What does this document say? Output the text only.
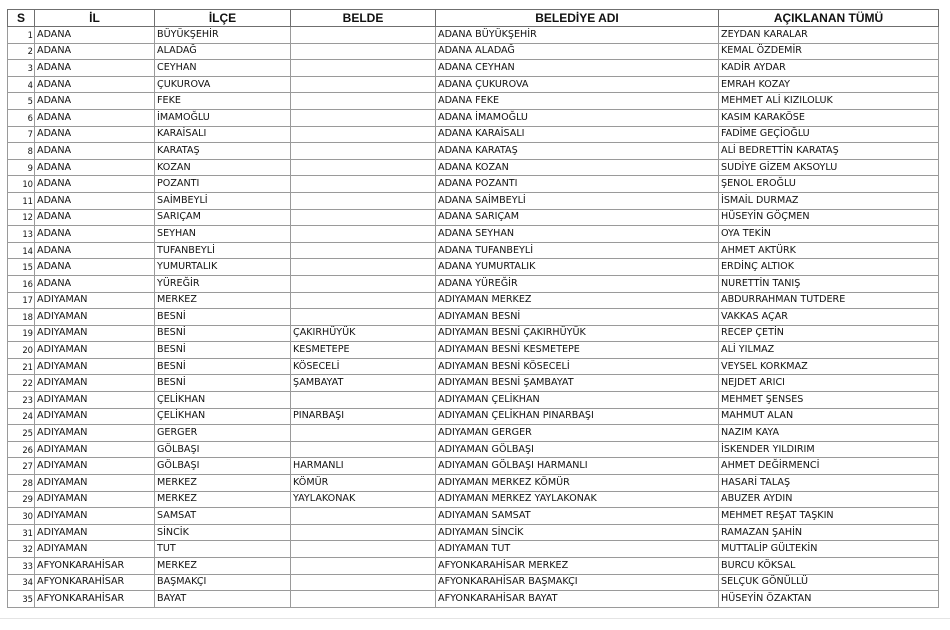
S	İL	İLÇE	BELDE	BELEDİYE ADI	AÇIKLANAN TÜMÜ
1	ADANA	BÜYÜKŞEHİR		ADANA BÜYÜKŞEHİR	ZEYDAN KARALAR
2	ADANA	ALADAĞ		ADANA ALADAĞ	KEMAL ÖZDEMİR
3	ADANA	CEYHAN		ADANA CEYHAN	KADİR AYDAR
4	ADANA	ÇUKUROVA		ADANA ÇUKUROVA	EMRAH KOZAY
5	ADANA	FEKE		ADANA FEKE	MEHMET ALİ KIZILOLUK
6	ADANA	İMAMOĞLU		ADANA İMAMOĞLU	KASIM KARAKÖSE
7	ADANA	KARAİSALI		ADANA KARAİSALI	FADİME GEÇİOĞLU
8	ADANA	KARATAŞ		ADANA KARATAŞ	ALİ BEDRETTİN KARATAŞ
9	ADANA	KOZAN		ADANA KOZAN	SUDİYE GİZEM AKSOYLU
10	ADANA	POZANTI		ADANA POZANTI	ŞENOL EROĞLU
11	ADANA	SAİMBEYLİ		ADANA SAİMBEYLİ	İSMAİL DURMAZ
12	ADANA	SARIÇAM		ADANA SARIÇAM	HÜSEYİN GÖÇMEN
13	ADANA	SEYHAN		ADANA SEYHAN	OYA TEKİN
14	ADANA	TUFANBEYLİ		ADANA TUFANBEYLİ	AHMET AKTÜRK
15	ADANA	YUMURTALIK		ADANA YUMURTALIK	ERDİNÇ ALTIOK
16	ADANA	YÜREĞİR		ADANA YÜREĞİR	NURETTİN TANIŞ
17	ADIYAMAN	MERKEZ		ADIYAMAN MERKEZ	ABDURRAHMAN TUTDERE
18	ADIYAMAN	BESNİ		ADIYAMAN BESNİ	VAKKAS AÇAR
19	ADIYAMAN	BESNİ	ÇAKIRHÜYÜK	ADIYAMAN BESNİ ÇAKIRHÜYÜK	RECEP ÇETİN
20	ADIYAMAN	BESNİ	KESMETEPE	ADIYAMAN BESNİ KESMETEPE	ALİ YILMAZ
21	ADIYAMAN	BESNİ	KÖSECELİ	ADIYAMAN BESNİ KÖSECELİ	VEYSEL KORKMAZ
22	ADIYAMAN	BESNİ	ŞAMBAYAT	ADIYAMAN BESNİ ŞAMBAYAT	NEJDET ARICI
23	ADIYAMAN	ÇELİKHAN		ADIYAMAN ÇELİKHAN	MEHMET ŞENSES
24	ADIYAMAN	ÇELİKHAN	PINARBAŞI	ADIYAMAN ÇELİKHAN PINARBAŞI	MAHMUT ALAN
25	ADIYAMAN	GERGER		ADIYAMAN GERGER	NAZIM KAYA
26	ADIYAMAN	GÖLBAŞI		ADIYAMAN GÖLBAŞI	İSKENDER YILDIRIM
27	ADIYAMAN	GÖLBAŞI	HARMANLI	ADIYAMAN GÖLBAŞI HARMANLI	AHMET DEĞİRMENCİ
28	ADIYAMAN	MERKEZ	KÖMÜR	ADIYAMAN MERKEZ KÖMÜR	HASARİ TALAŞ
29	ADIYAMAN	MERKEZ	YAYLAKONAK	ADIYAMAN MERKEZ YAYLAKONAK	ABUZER AYDIN
30	ADIYAMAN	SAMSAT		ADIYAMAN SAMSAT	MEHMET REŞAT TAŞKIN
31	ADIYAMAN	SİNCİK		ADIYAMAN SİNCİK	RAMAZAN ŞAHİN
32	ADIYAMAN	TUT		ADIYAMAN TUT	MUTTALİP GÜLTEKİN
33	AFYONKARAHİSAR	MERKEZ		AFYONKARAHİSAR MERKEZ	BURCU KÖKSAL
34	AFYONKARAHİSAR	BAŞMAKÇI		AFYONKARAHİSAR BAŞMAKÇI	SELÇUK GÖNÜLLÜ
35	AFYONKARAHİSAR	BAYAT		AFYONKARAHİSAR BAYAT	HÜSEYİN ÖZAKTAN
